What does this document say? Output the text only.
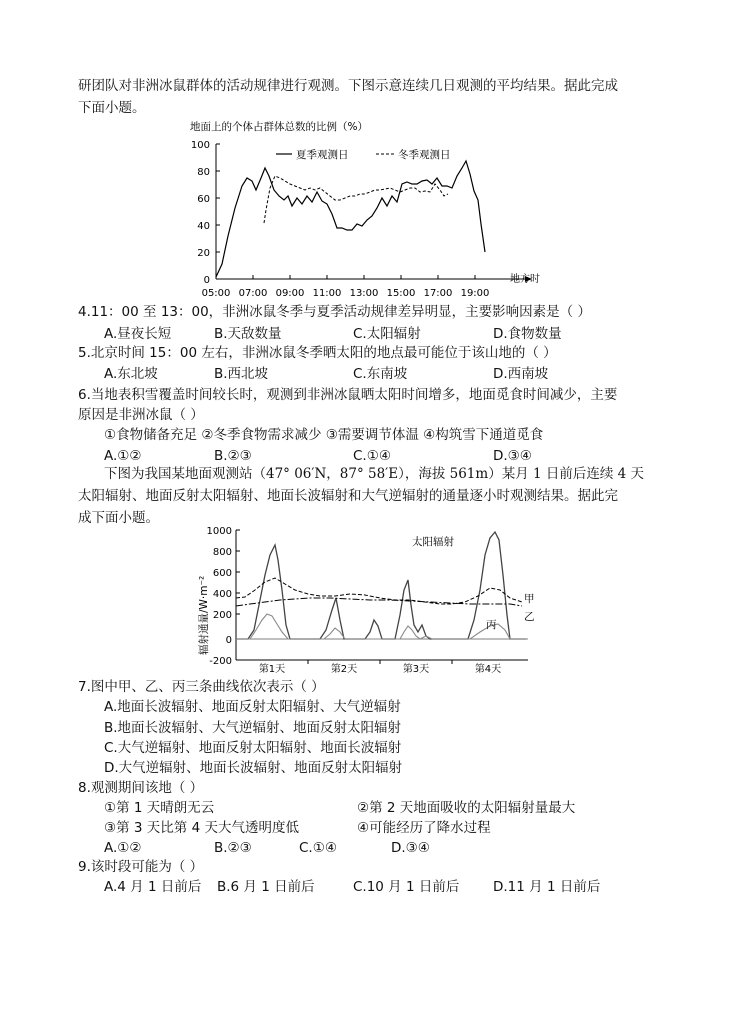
研团队对非洲冰鼠群体的活动规律进行观测。下图示意连续几日观测的平均结果。据此完成
下面小题。
地面上的个体占群体总数的比例（%）
地方时
0
20
40
60
80
100
05:00 07:00 09:00 11:00 13:00 15:00 17:00 19:00
夏季观测日	冬季观测日
4.11：00 至 13：00，非洲冰鼠冬季与夏季活动规律差异明显，主要影响因素是（ ）
A.昼夜长短	B.天敌数量	C.太阳辐射	D.食物数量
5.北京时间 15：00 左右，非洲冰鼠冬季晒太阳的地点最可能位于该山地的（ ）
A.东北坡	B.西北坡	C.东南坡	D.西南坡
6.当地表积雪覆盖时间较长时，观测到非洲冰鼠晒太阳时间增多，地面觅食时间减少，主要
原因是非洲冰鼠（ ）
①食物储备充足 ②冬季食物需求减少 ③需要调节体温 ④构筑雪下通道觅食
A.①②	B.②③	C.①④	D.③④
下图为我国某地面观测站（47° 06′N，87° 58′E），海拔 561m）某月 1 日前后连续 4 天
太阳辐射、地面反射太阳辐射、地面长波辐射和大气逆辐射的通量逐小时观测结果。据此完
成下面小题。
辐射通量/W·m⁻²
1000
800
600
400
200
0
-200
第1天	第2天	第3天	第4天
太阳辐射
甲
乙
丙
7.图中甲、乙、丙三条曲线依次表示（ ）
A.地面长波辐射、地面反射太阳辐射、大气逆辐射
B.地面长波辐射、大气逆辐射、地面反射太阳辐射
C.大气逆辐射、地面反射太阳辐射、地面长波辐射
D.大气逆辐射、地面长波辐射、地面反射太阳辐射
8.观测期间该地（ ）
①第 1 天晴朗无云	②第 2 天地面吸收的太阳辐射量最大
③第 3 天比第 4 天大气透明度低	④可能经历了降水过程
A.①②	B.②③	C.①④	D.③④
9.该时段可能为（ ）
A.4 月 1 日前后 B.6 月 1 日前后	C.10 月 1 日前后 D.11 月 1 日前后
